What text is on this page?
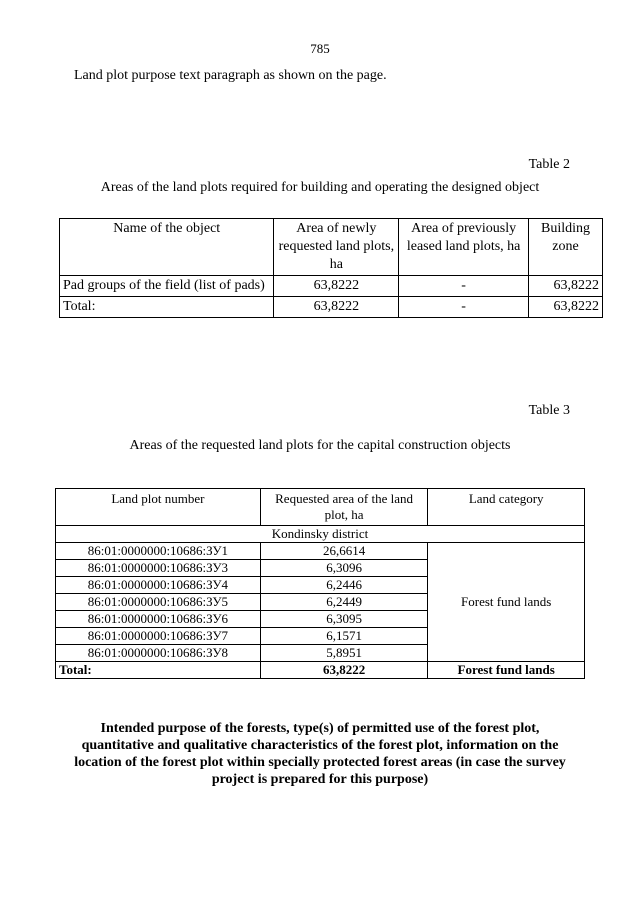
785

Land plot purpose text paragraph as shown on the page.

Table 2
Areas of the land plots required for building and operating the designed object
Name of the object	Area of newly requested land plots, ha	Area of previously leased land plots, ha	Building zone
Pad groups of the field (list of pads)	63,8222	-	63,8222
Total:	63,8222	-	63,8222
Table 3
Areas of the requested land plots for the capital construction objects
Land plot number	Requested area of the land plot, ha	Land category
Kondinsky district		
86:01:0000000:10686:ЗУ1	26,6614	Forest fund lands
86:01:0000000:10686:ЗУ3	6,3096	
86:01:0000000:10686:ЗУ4	6,2446	
86:01:0000000:10686:ЗУ5	6,2449	
86:01:0000000:10686:ЗУ6	6,3095	
86:01:0000000:10686:ЗУ7	6,1571	
86:01:0000000:10686:ЗУ8	5,8951	
Total:	63,8222	Forest fund lands

Intended purpose of the forests, type(s) of permitted use of the forest plot, quantitative and qualitative characteristics of the forest plot, information on the location of the forest plot within specially protected forest areas (in case the survey project is prepared for this purpose)
